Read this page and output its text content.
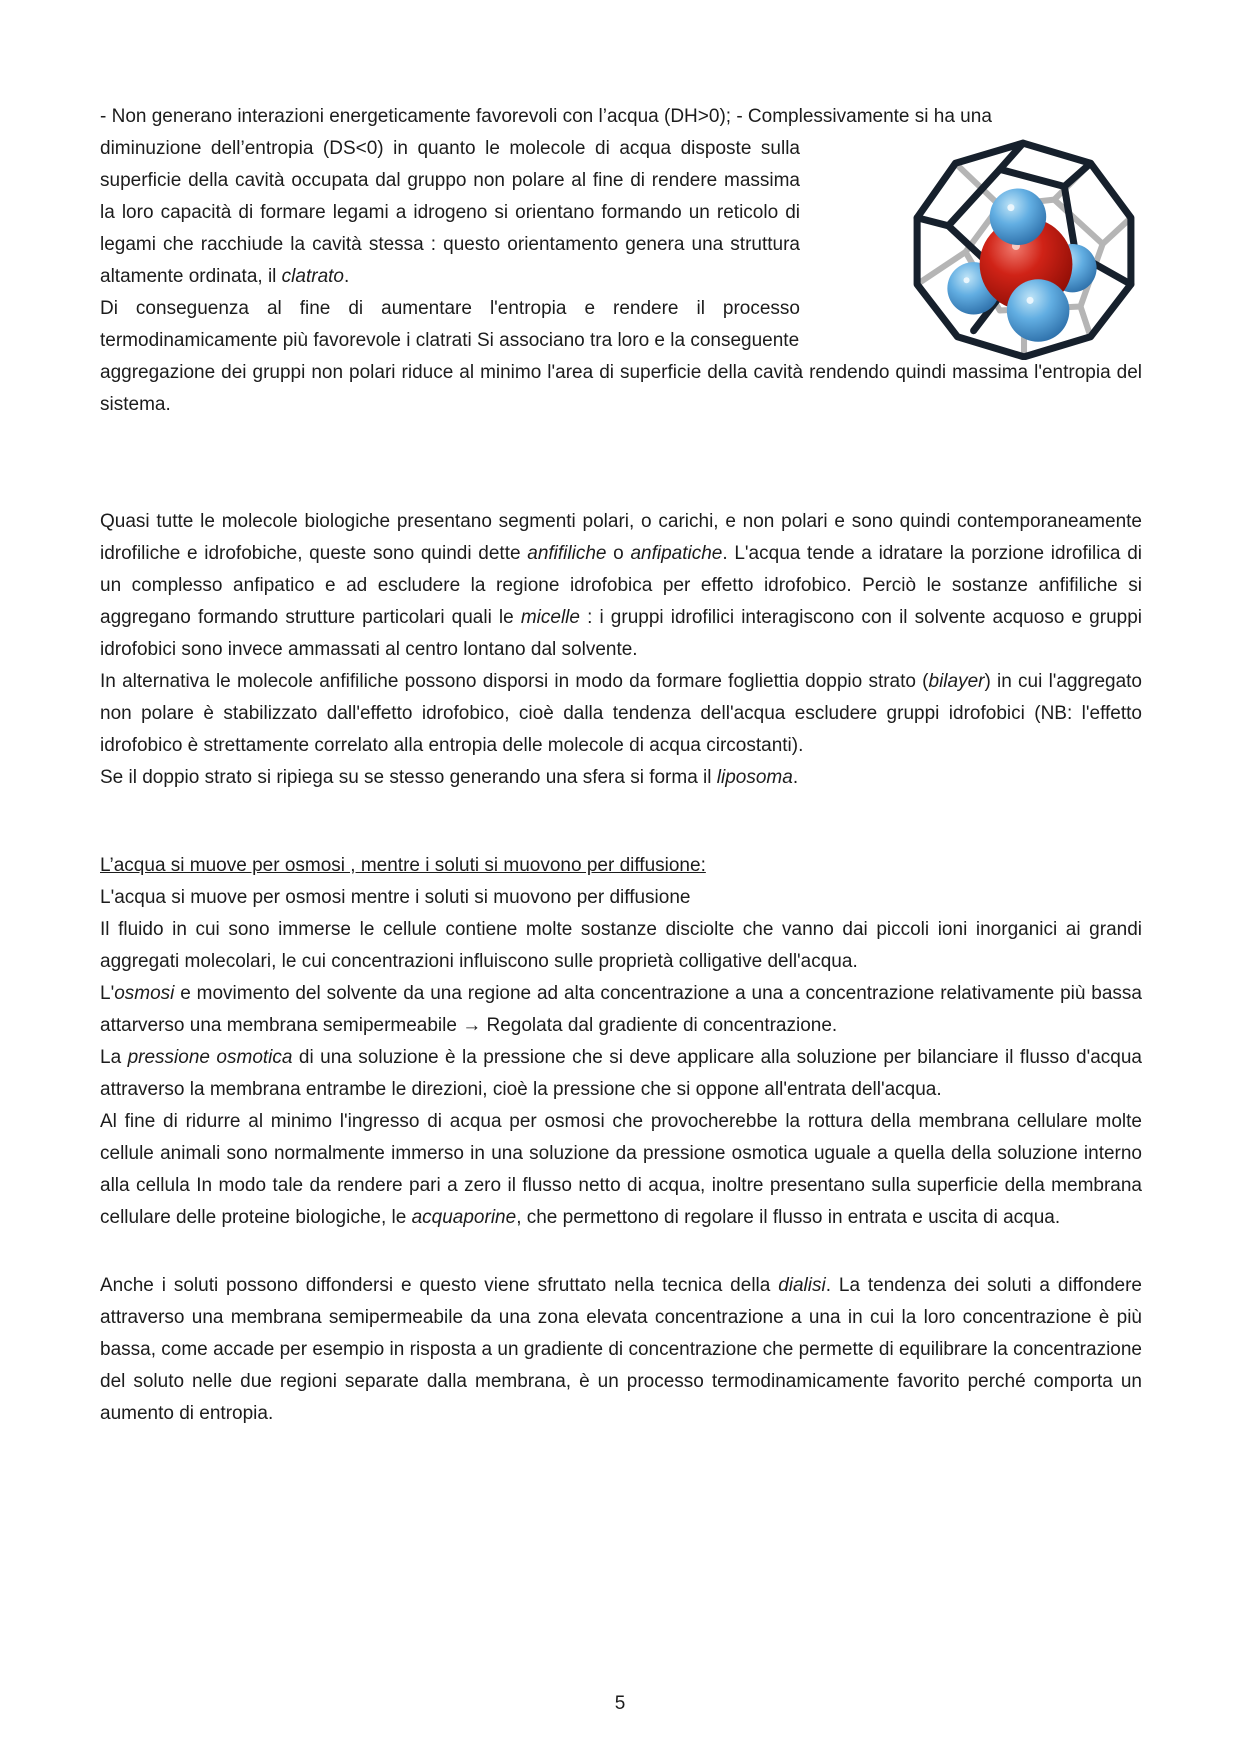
- Non generano interazioni energeticamente favorevoli con l’acqua (DH>0); - Complessivamente si ha una

diminuzione dell’entropia (DS<0) in quanto le molecole di acqua disposte sulla superficie della cavità occupata dal gruppo non polare al fine di rendere massima la loro capacità di formare legami a idrogeno si orientano formando un reticolo di legami che racchiude la cavità stessa : questo orientamento genera una struttura altamente ordinata, il clatrato.

Di conseguenza al fine di aumentare l'entropia e rendere il processo termodinamicamente più favorevole i clatrati Si associano tra loro e la conseguente

aggregazione dei gruppi non polari riduce al minimo l'area di superficie della cavità rendendo quindi massima l'entropia del sistema.

Quasi tutte le molecole biologiche presentano segmenti polari, o carichi, e non polari e sono quindi contemporaneamente idrofiliche e idrofobiche, queste sono quindi dette anfifiliche o anfipatiche. L'acqua tende a idratare la porzione idrofilica di un complesso anfipatico e ad escludere la regione idrofobica per effetto idrofobico. Perciò le sostanze anfifiliche si aggregano formando strutture particolari quali le micelle : i gruppi idrofilici interagiscono con il solvente acquoso e gruppi idrofobici sono invece ammassati al centro lontano dal solvente.

In alternativa le molecole anfifiliche possono disporsi in modo da formare fogliettia doppio strato (bilayer) in cui l'aggregato non polare è stabilizzato dall'effetto idrofobico, cioè dalla tendenza dell'acqua escludere gruppi idrofobici (NB: l'effetto idrofobico è strettamente correlato alla entropia delle molecole di acqua circostanti).

Se il doppio strato si ripiega su se stesso generando una sfera si forma il liposoma.

L’acqua si muove per osmosi , mentre i soluti si muovono per diffusione:

L'acqua si muove per osmosi mentre i soluti si muovono per diffusione

Il fluido in cui sono immerse le cellule contiene molte sostanze disciolte che vanno dai piccoli ioni inorganici ai grandi aggregati molecolari, le cui concentrazioni influiscono sulle proprietà colligative dell'acqua.

L'osmosi e movimento del solvente da una regione ad alta concentrazione a una a concentrazione relativamente più bassa attarverso una membrana semipermeabile → Regolata dal gradiente di concentrazione.

La pressione osmotica di una soluzione è la pressione che si deve applicare alla soluzione per bilanciare il flusso d'acqua attraverso la membrana entrambe le direzioni, cioè la pressione che si oppone all'entrata dell'acqua.

Al fine di ridurre al minimo l'ingresso di acqua per osmosi che provocherebbe la rottura della membrana cellulare molte cellule animali sono normalmente immerso in una soluzione da pressione osmotica uguale a quella della soluzione interno alla cellula In modo tale da rendere pari a zero il flusso netto di acqua, inoltre presentano sulla superficie della membrana cellulare delle proteine biologiche, le acquaporine, che permettono di regolare il flusso in entrata e uscita di acqua.

Anche i soluti possono diffondersi e questo viene sfruttato nella tecnica della dialisi. La tendenza dei soluti a diffondere attraverso una membrana semipermeabile da una zona elevata concentrazione a una in cui la loro concentrazione è più bassa, come accade per esempio in risposta a un gradiente di concentrazione che permette di equilibrare la concentrazione del soluto nelle due regioni separate dalla membrana, è un processo termodinamicamente favorito perché comporta un aumento di entropia.

5
